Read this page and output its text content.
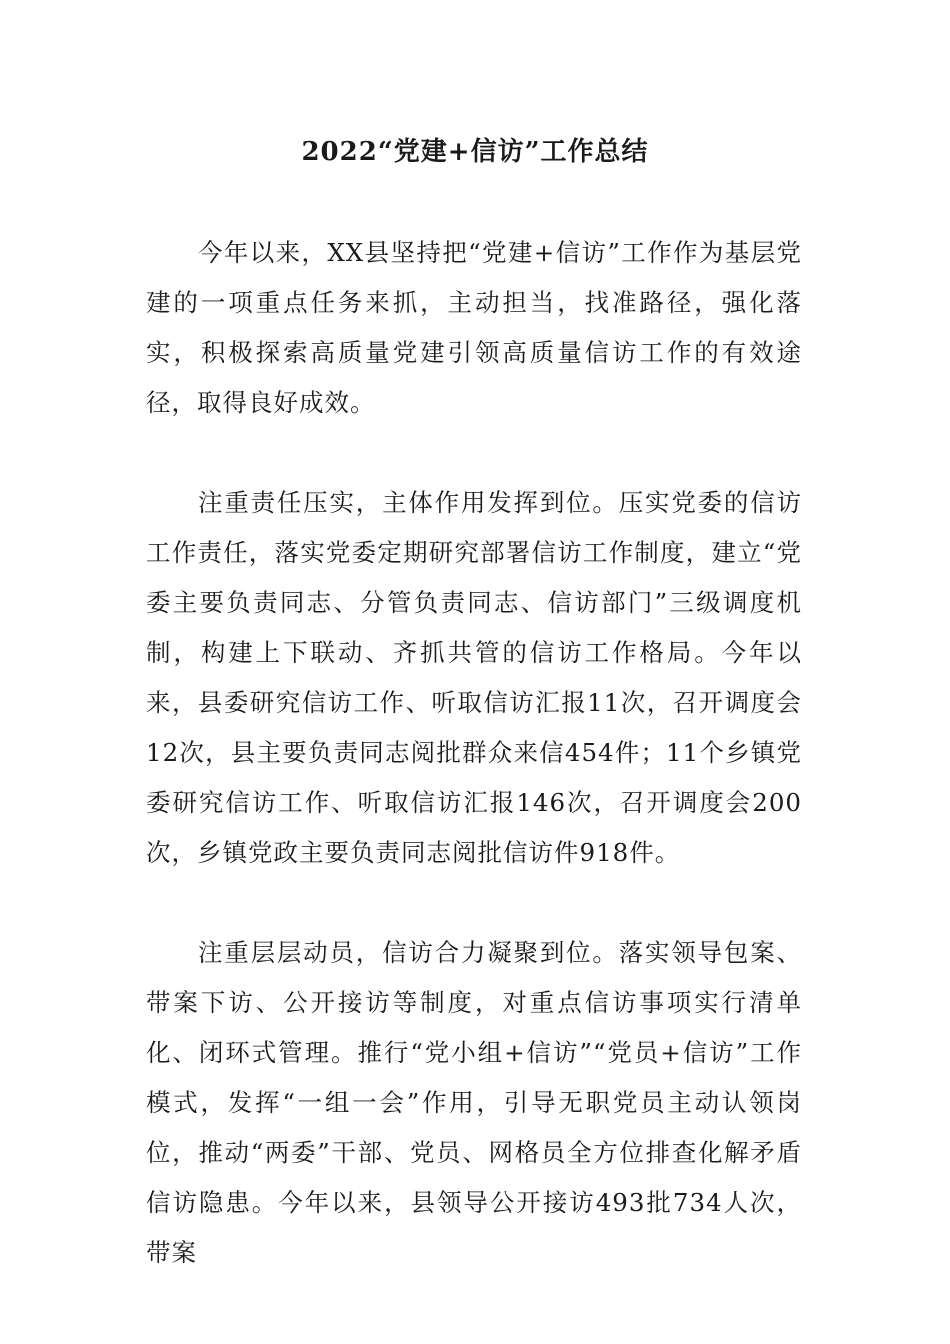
2022“党建+信访”工作总结

今年以来，XX县坚持把“党建+信访”工作作为基层党建的一项重点任务来抓，主动担当，找准路径，强化落实，积极探索高质量党建引领高质量信访工作的有效途径，取得良好成效。

注重责任压实，主体作用发挥到位。压实党委的信访工作责任，落实党委定期研究部署信访工作制度，建立“党委主要负责同志、分管负责同志、信访部门”三级调度机制，构建上下联动、齐抓共管的信访工作格局。今年以来，县委研究信访工作、听取信访汇报11次，召开调度会12次，县主要负责同志阅批群众来信454件；11个乡镇党委研究信访工作、听取信访汇报146次，召开调度会200次，乡镇党政主要负责同志阅批信访件918件。

注重层层动员，信访合力凝聚到位。落实领导包案、带案下访、公开接访等制度，对重点信访事项实行清单化、闭环式管理。推行“党小组+信访”“党员+信访”工作模式，发挥“一组一会”作用，引导无职党员主动认领岗位，推动“两委”干部、党员、网格员全方位排查化解矛盾信访隐患。今年以来，县领导公开接访493批734人次，带案
